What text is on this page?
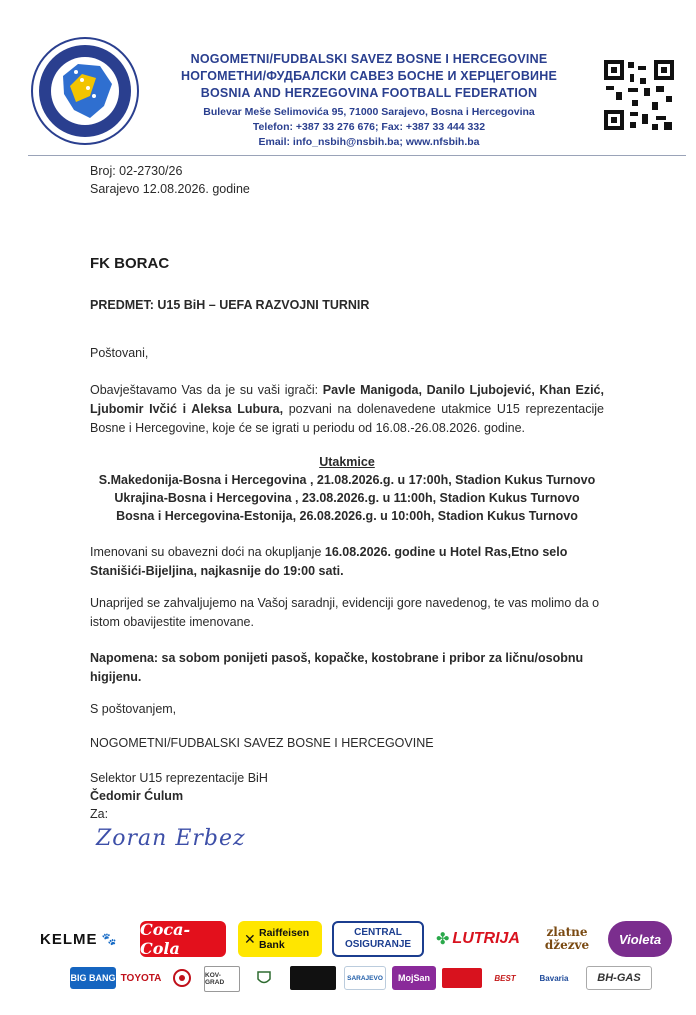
NOGOMETNI/FUDBALSKI SAVEZ BOSNE I HERCEGOVINE
НОГОМЕТНИ/ФУДБАЛСКИ САВЕЗ БОСНЕ И ХЕРЦЕГОВИНЕ
BOSNIA AND HERZEGOVINA FOOTBALL FEDERATION
Bulevar Meše Selimovića 95, 71000 Sarajevo, Bosna i Hercegovina
Telefon: +387 33 276 676; Fax: +387 33 444 332
Email: info_nsbih@nsbih.ba; www.nfsbih.ba
Broj: 02-2730/26
Sarajevo 12.08.2026. godine
FK BORAC
PREDMET: U15 BiH – UEFA RAZVOJNI TURNIR
Poštovani,
Obavještavamo Vas da je su vaši igrači: Pavle Manigoda, Danilo Ljubojević, Khan Ezić, Ljubomir Ivčić i Aleksa Lubura, pozvani na dolenavedene utakmice U15 reprezentacije Bosne i Hercegovine, koje će se igrati u periodu od 16.08.-26.08.2026. godine.
Utakmice
S.Makedonija-Bosna i Hercegovina , 21.08.2026.g. u 17:00h, Stadion Kukus Turnovo
Ukrajina-Bosna i Hercegovina , 23.08.2026.g. u 11:00h, Stadion Kukus Turnovo
Bosna i Hercegovina-Estonija, 26.08.2026.g. u 10:00h, Stadion Kukus Turnovo
Imenovani su obavezni doći na okupljanje 16.08.2026. godine u Hotel Ras,Etno selo Stanišići-Bijeljina, najkasnije do 19:00 sati.
Unaprijed se zahvaljujemo na Vašoj saradnji, evidenciji gore navedenog, te vas molimo da o istom obavijestite imenovane.
Napomena: sa sobom ponijeti pasoš, kopačke, kostobrane i pribor za ličnu/osobnu higijenu.
S poštovanjem,
NOGOMETNI/FUDBALSKI SAVEZ BOSNE I HERCEGOVINE
Selektor U15 reprezentacije BiH
Čedomir Ćulum
Za:
Zoran Erbez
KELME 🐾 Coca-Cola	✕ Raiffeisen Bank
CENTRAL OSIGURANJE	✤ LUTRIJA	zlatne džezve	Violeta
BIG BANG TOYOTA	KOV-GRAD
SARAJEVO	MojSan	BEST	Bavaria	BH-GAS
